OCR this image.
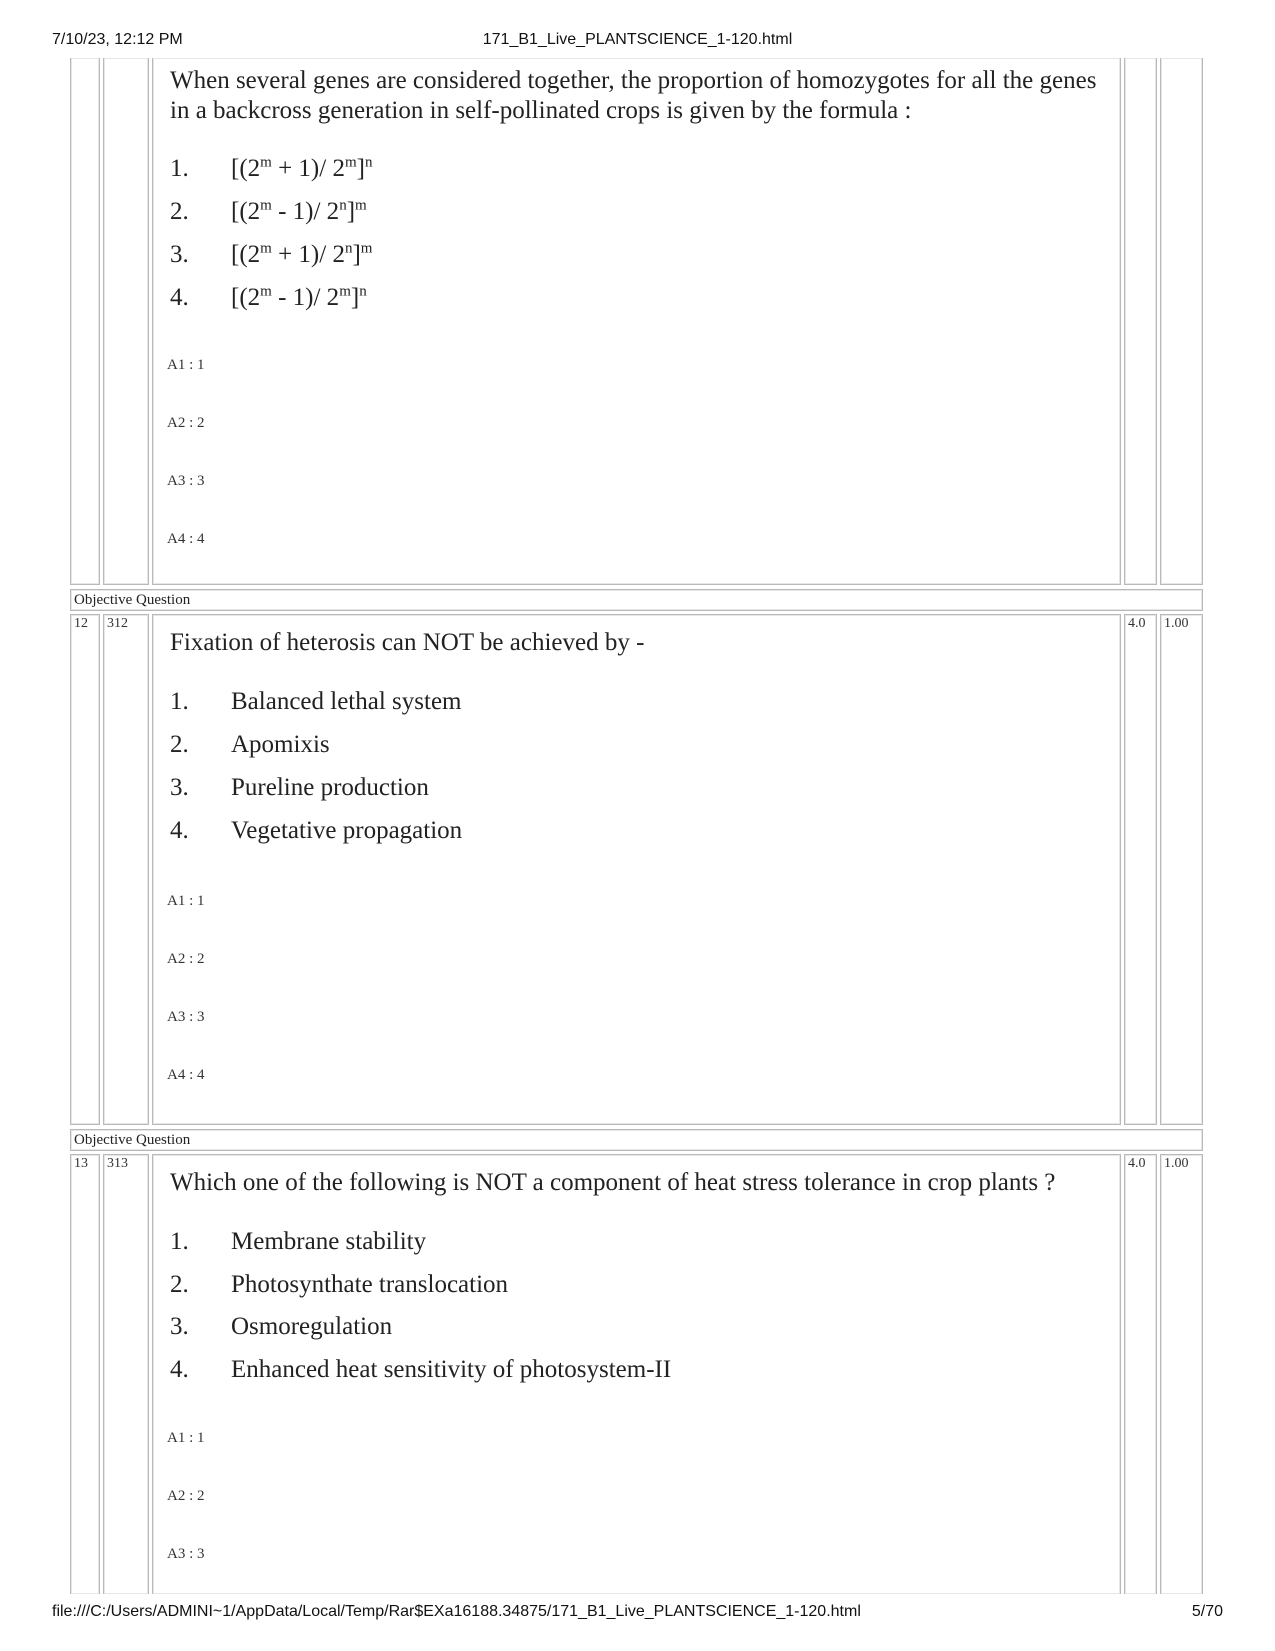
7/10/23, 12:12 PM	171_B1_Live_PLANTSCIENCE_1-120.html
When several genes are considered together, the proportion of homozygotes for all the genes in a backcross generation in self-pollinated crops is given by the formula :
1. [$(2^m + 1)/$ 2$^m$]$^n$
2. [(2$^m$ - 1)/ 2$^n$]$^m$
3. [$(2^m + 1)/$ 2$^n$]$^m$
4. [(2$^m$ - 1)/ 2$^m$]$^n$
A1 : 1
A2 : 2
A3 : 3
A4 : 4
Objective Question
12 312	4.0 1.00
Fixation of heterosis can NOT be achieved by -
1. Balanced lethal system
2. Apomixis
3. Pureline production
4. Vegetative propagation
A1 : 1
A2 : 2
A3 : 3
A4 : 4
Objective Question
13 313	4.0 1.00
Which one of the following is NOT a component of heat stress tolerance in crop plants ?
1. Membrane stability
2. Photosynthate translocation
3. Osmoregulation
4. Enhanced heat sensitivity of photosystem-II
A1 : 1
A2 : 2
A3 : 3
file:///C:/Users/ADMINI~1/AppData/Local/Temp/Rar$EXa16188.34875/171_B1_Live_PLANTSCIENCE_1-120.html	5/70
